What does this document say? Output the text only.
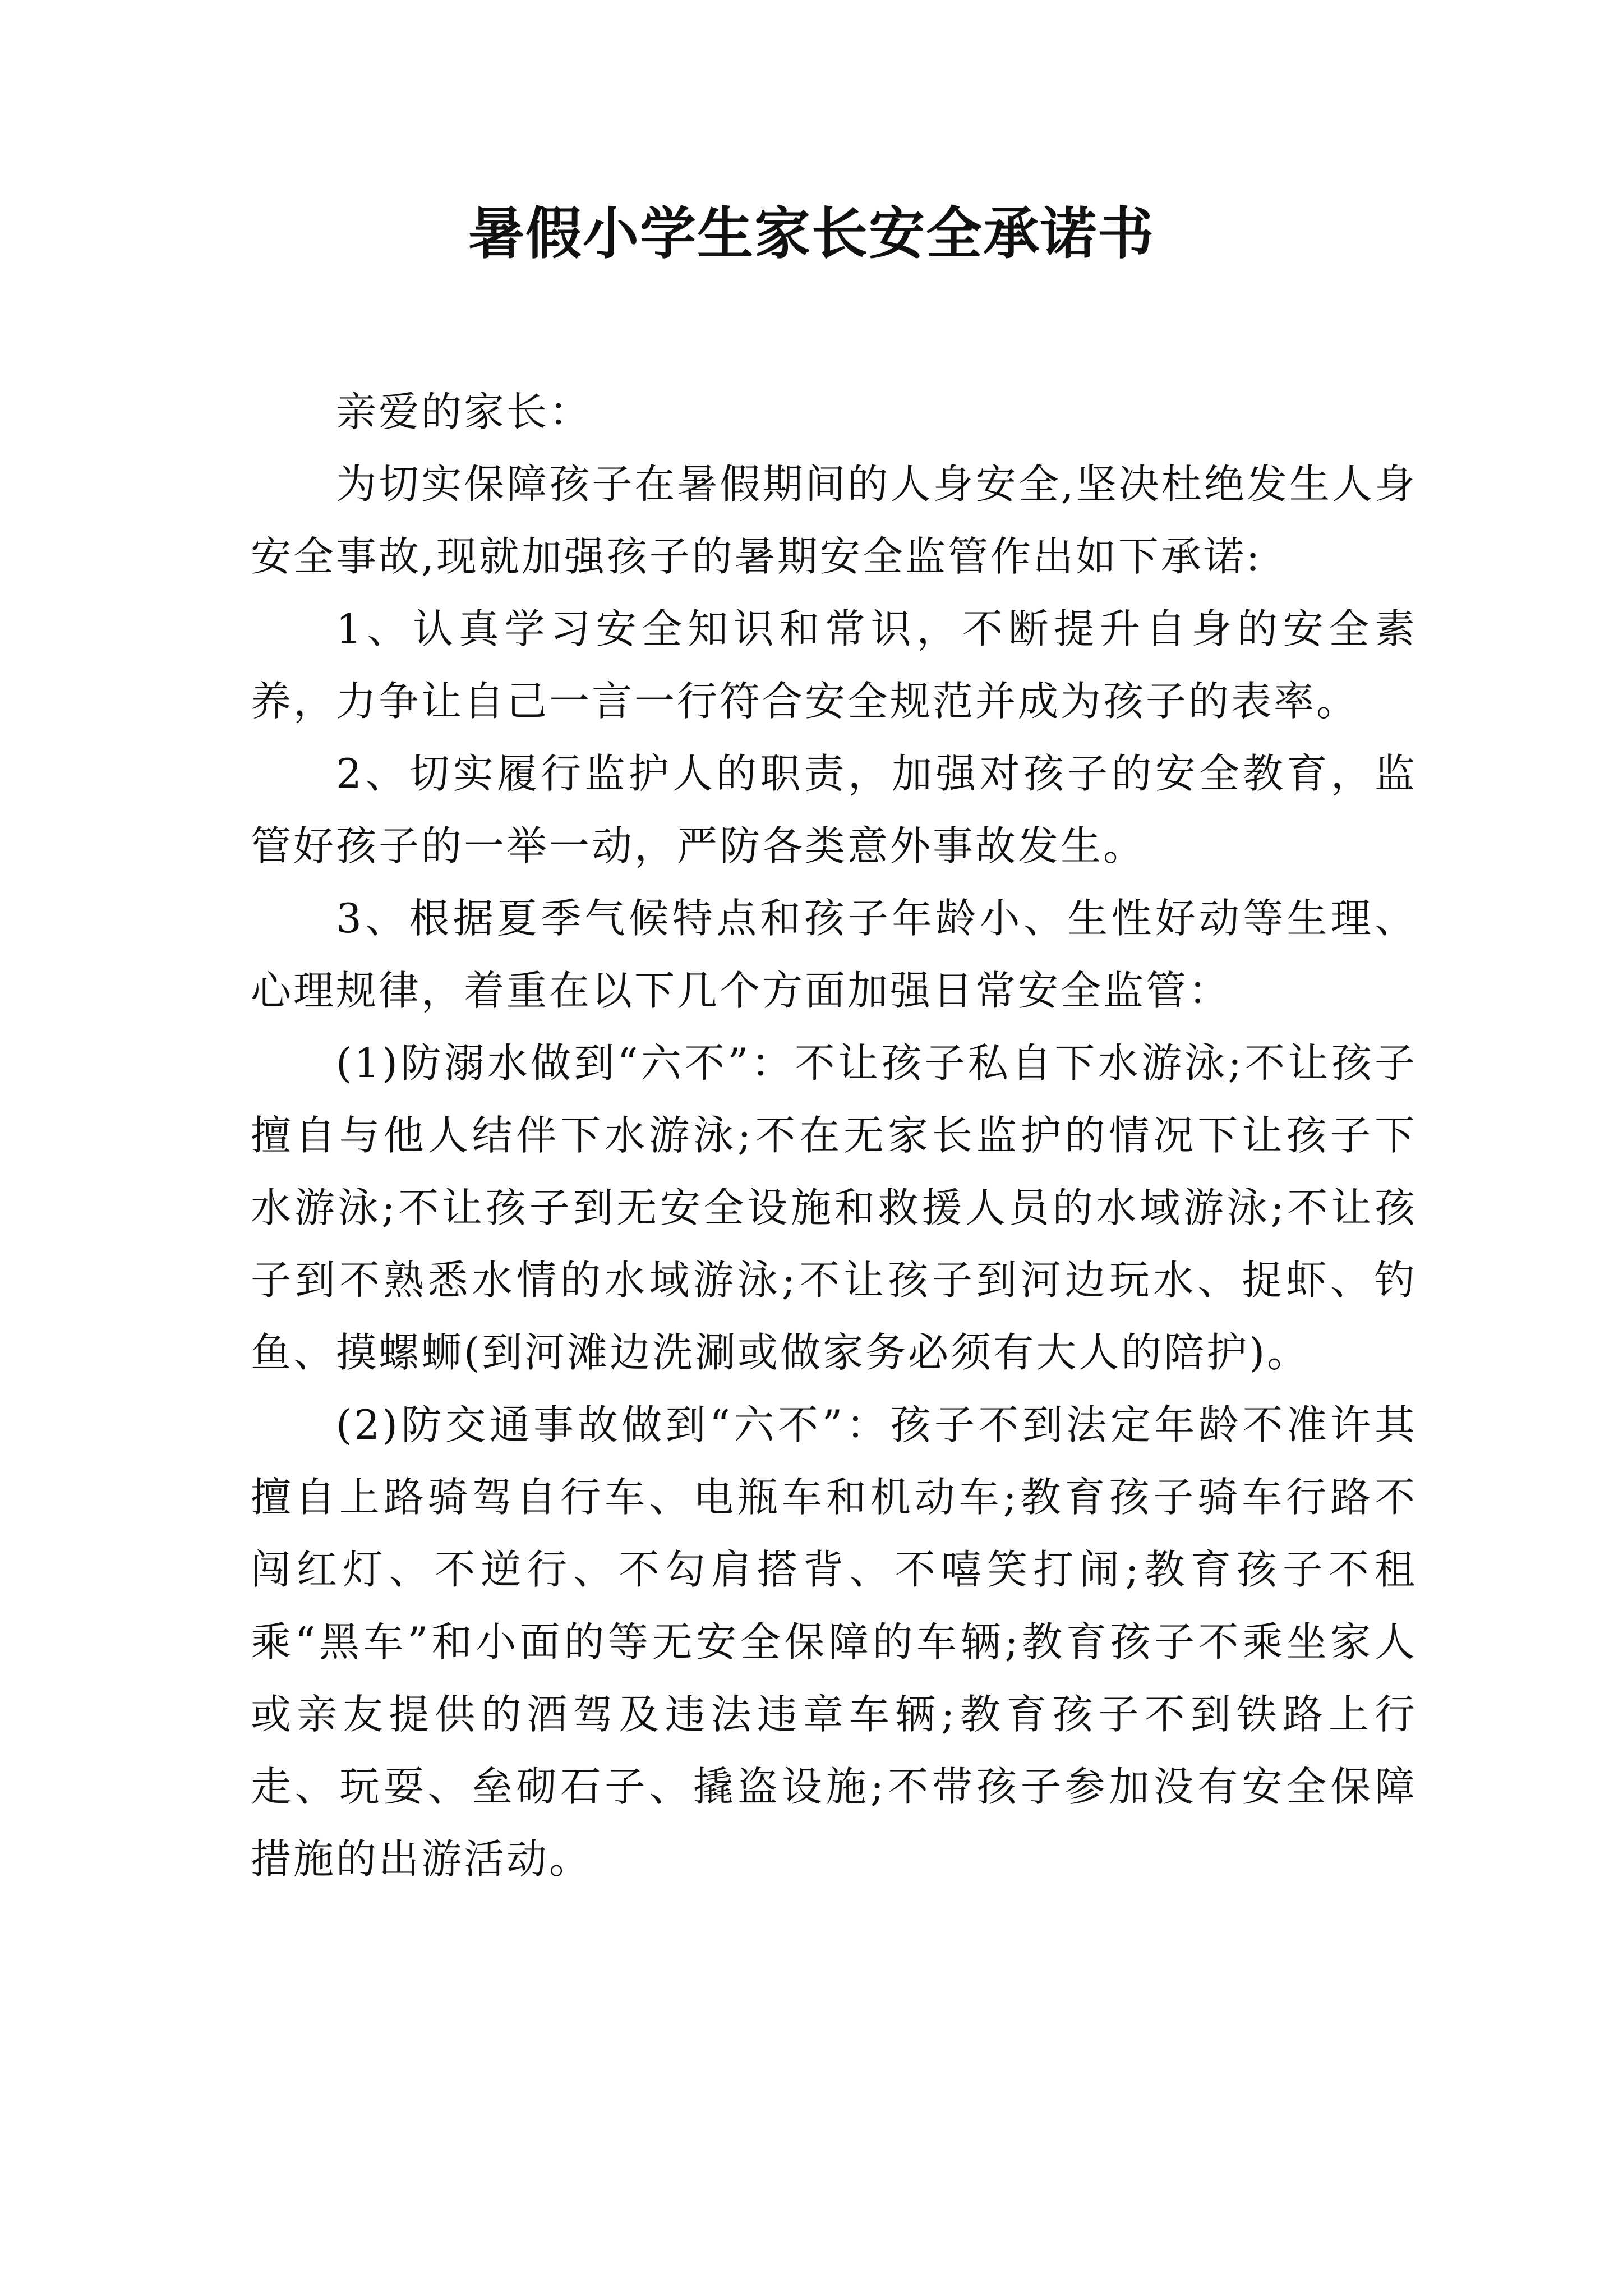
暑假小学生家长安全承诺书

亲爱的家长：

为切实保障孩子在暑假期间的人身安全,坚决杜绝发生人身安全事故,现就加强孩子的暑期安全监管作出如下承诺:

1、认真学习安全知识和常识，不断提升自身的安全素养，力争让自己一言一行符合安全规范并成为孩子的表率。

2、切实履行监护人的职责，加强对孩子的安全教育，监管好孩子的一举一动，严防各类意外事故发生。

3、根据夏季气候特点和孩子年龄小、生性好动等生理、心理规律，着重在以下几个方面加强日常安全监管：

(1)防溺水做到“六不”：不让孩子私自下水游泳;不让孩子擅自与他人结伴下水游泳;不在无家长监护的情况下让孩子下水游泳;不让孩子到无安全设施和救援人员的水域游泳;不让孩子到不熟悉水情的水域游泳;不让孩子到河边玩水、捉虾、钓鱼、摸螺蛳(到河滩边洗涮或做家务必须有大人的陪护)。

(2)防交通事故做到“六不”：孩子不到法定年龄不准许其擅自上路骑驾自行车、电瓶车和机动车;教育孩子骑车行路不闯红灯、不逆行、不勾肩搭背、不嘻笑打闹;教育孩子不租乘“黑车”和小面的等无安全保障的车辆;教育孩子不乘坐家人或亲友提供的酒驾及违法违章车辆;教育孩子不到铁路上行走、玩耍、垒砌石子、撬盗设施;不带孩子参加没有安全保障措施的出游活动。
